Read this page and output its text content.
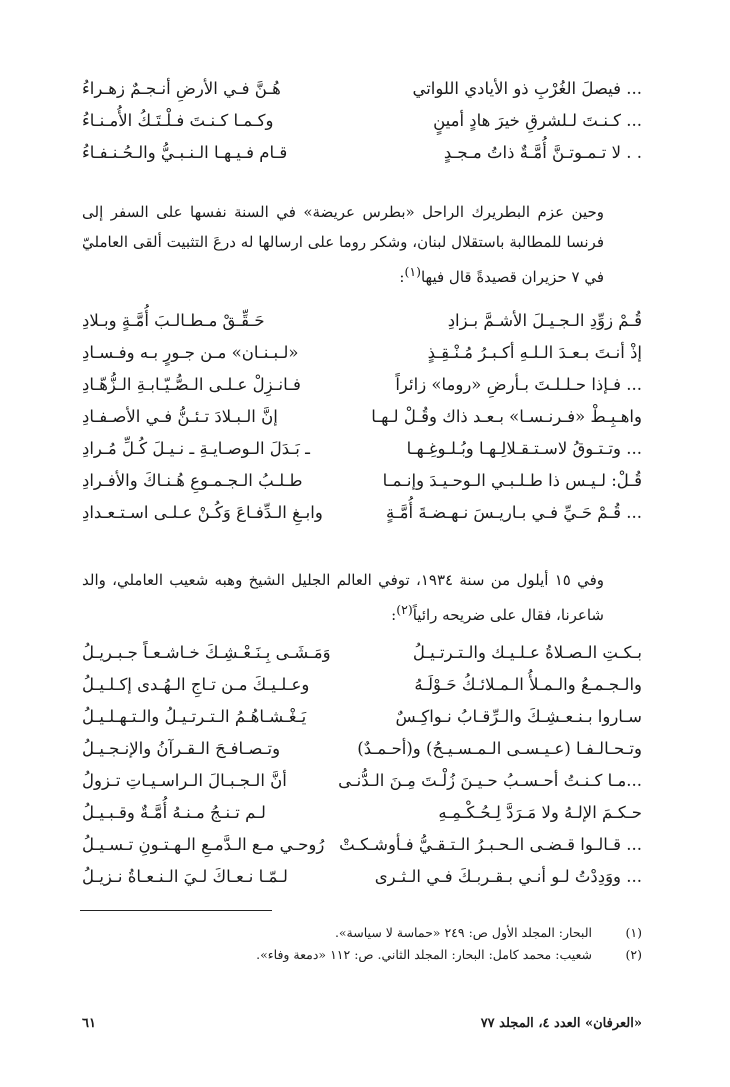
... فيصلَ الغُرْبِ ذو الأيادي اللواتي
هُـنَّ فـي الأرضِ أنـجـمٌ زهـراءُ
... كـنـتَ لـلشرقِ خيرَ هادٍ أمينٍ
وكـمـا كـنـتَ فـلْـتَـكُ الأُمـنـاءُ
. . لا تـمـوتـنَّ أُمَّـةٌ ذاتُ مـجـدٍ
قـام فـيـهـا الـنـبـيُّ والـحُـنـفـاءُ
وحين عزم البطريرك الراحل «بطرس عريضة» في السنة نفسها على السفر إلى فرنسا للمطالبة باستقلال لبنان، وشكر روما على ارسالها له درعَ التثبيت ألقى العامليّ في ٧ حزيران قصيدةً قال فيها$^{(١)}$:
قُـمْ زوِّدِ الـجـيـلَ الأشـمَّ بـزادِ
حَـقِّـقْ مـطـالـبَ أُمَّـةٍ وبـلادِ
إذْ أنـتَ بـعـدَ الـلـهِ أكـبـرُ مُـنْـقِـذٍ
«لـبـنـان» مـن جـورٍ بـه وفـسـادِ
... فـإذا حـلـلـتَ بـأرضِ «روما» زائراً
فـانـزِلْ عـلـى الـصُّـيّـابـةِ الـزُّهّـادِ
واهـبِـطْ «فـرنـسـا» بـعـد ذاك وقُـلْ لـهـا
إنَّ الـبـلادَ تـئـنُّ فـي الأصـفـادِ
... وتـتـوقُ لاسـتـقـلالِـهـا وبُـلـوغِـهـا
ـ بَـدَلَ الـوصـايـةِ ـ نـيـلَ كُـلِّ مُـرادِ
قُـلْ: لـيـس ذا طـلـبـي الـوحـيـدَ وإنـمـا
طـلـبُ الـجـمـوعِ هُـنـاكَ والأفـرادِ
... قُـمْ حَـيِّ فـي بـاريـسَ نـهـضـةَ أُمَّـةٍ
وابـغِ الـدِّفـاعَ وَكُـنْ عـلـى اسـتـعـدادِ
وفي ١٥ أيلول من سنة ١٩٣٤، توفي العالم الجليل الشيخ وهبه شعيب العاملي، والد شاعرنا، فقال على ضريحه رائياً$^{(٢)}$:
بـكـتِ الـصـلاةُ عـلـيـك والـتـرتـيـلُ
وَمَـشَـى بِـنَـعْـشِـكَ خـاشـعـاً جـبـريـلُ
والـجـمـعُ والـمـلأُ الـمـلائـكُ حَـوْلَـهُ
وعـلـيـكَ مـن تـاجِ الـهُـدى إكـلـيـلُ
سـاروا بـنـعـشِـكَ والـرِّقـابُ نـواكِـسٌ
يَـغْـشـاهُـمُ الـتـرتـيـلُ والـتـهـلـيـلُ
وتـحـالـفـا (عـيـسـى الـمـسـيـحُ) و(أحـمـدٌ)
وتـصـافـحَ الـقـرآنُ والإنـجـيـلُ
...مـا كـنـتُ أحـسـبُ حـيـنَ زُلْـتَ مِـنَ الـدُّنـى
أنَّ الـجـبـالَ الـراسـيـاتِ تـزولُ
حـكـمَ الإلـهُ ولا مَـرَدَّ لِـحُـكْـمِـهِ
لـم تـنـجُ مـنـهُ أُمَّـةٌ وقـبـيـلُ
... قـالـوا قـضـى الـحـبـرُ الـتـقـيُّ فـأوشـكـتْ
رُوحـي مـع الـدَّمـعِ الـهـتـونِ تـسـيـلُ
... ووَدِدْتُ لـو أنـي بـقـربـكَ فـي الـثـرى
لـمّـا نـعـاكَ لـيَ الـنـعـاةُ نـزيـلُ
(١)
البحار: المجلد الأول ص: ٢٤٩ «حماسة لا سياسة».
(٢)
شعيب: محمد كامل: البحار: المجلد الثاني. ص: ١١٢ «دمعة وفاء».
«العرفان» العدد ٤، المجلد ٧٧
٦١
